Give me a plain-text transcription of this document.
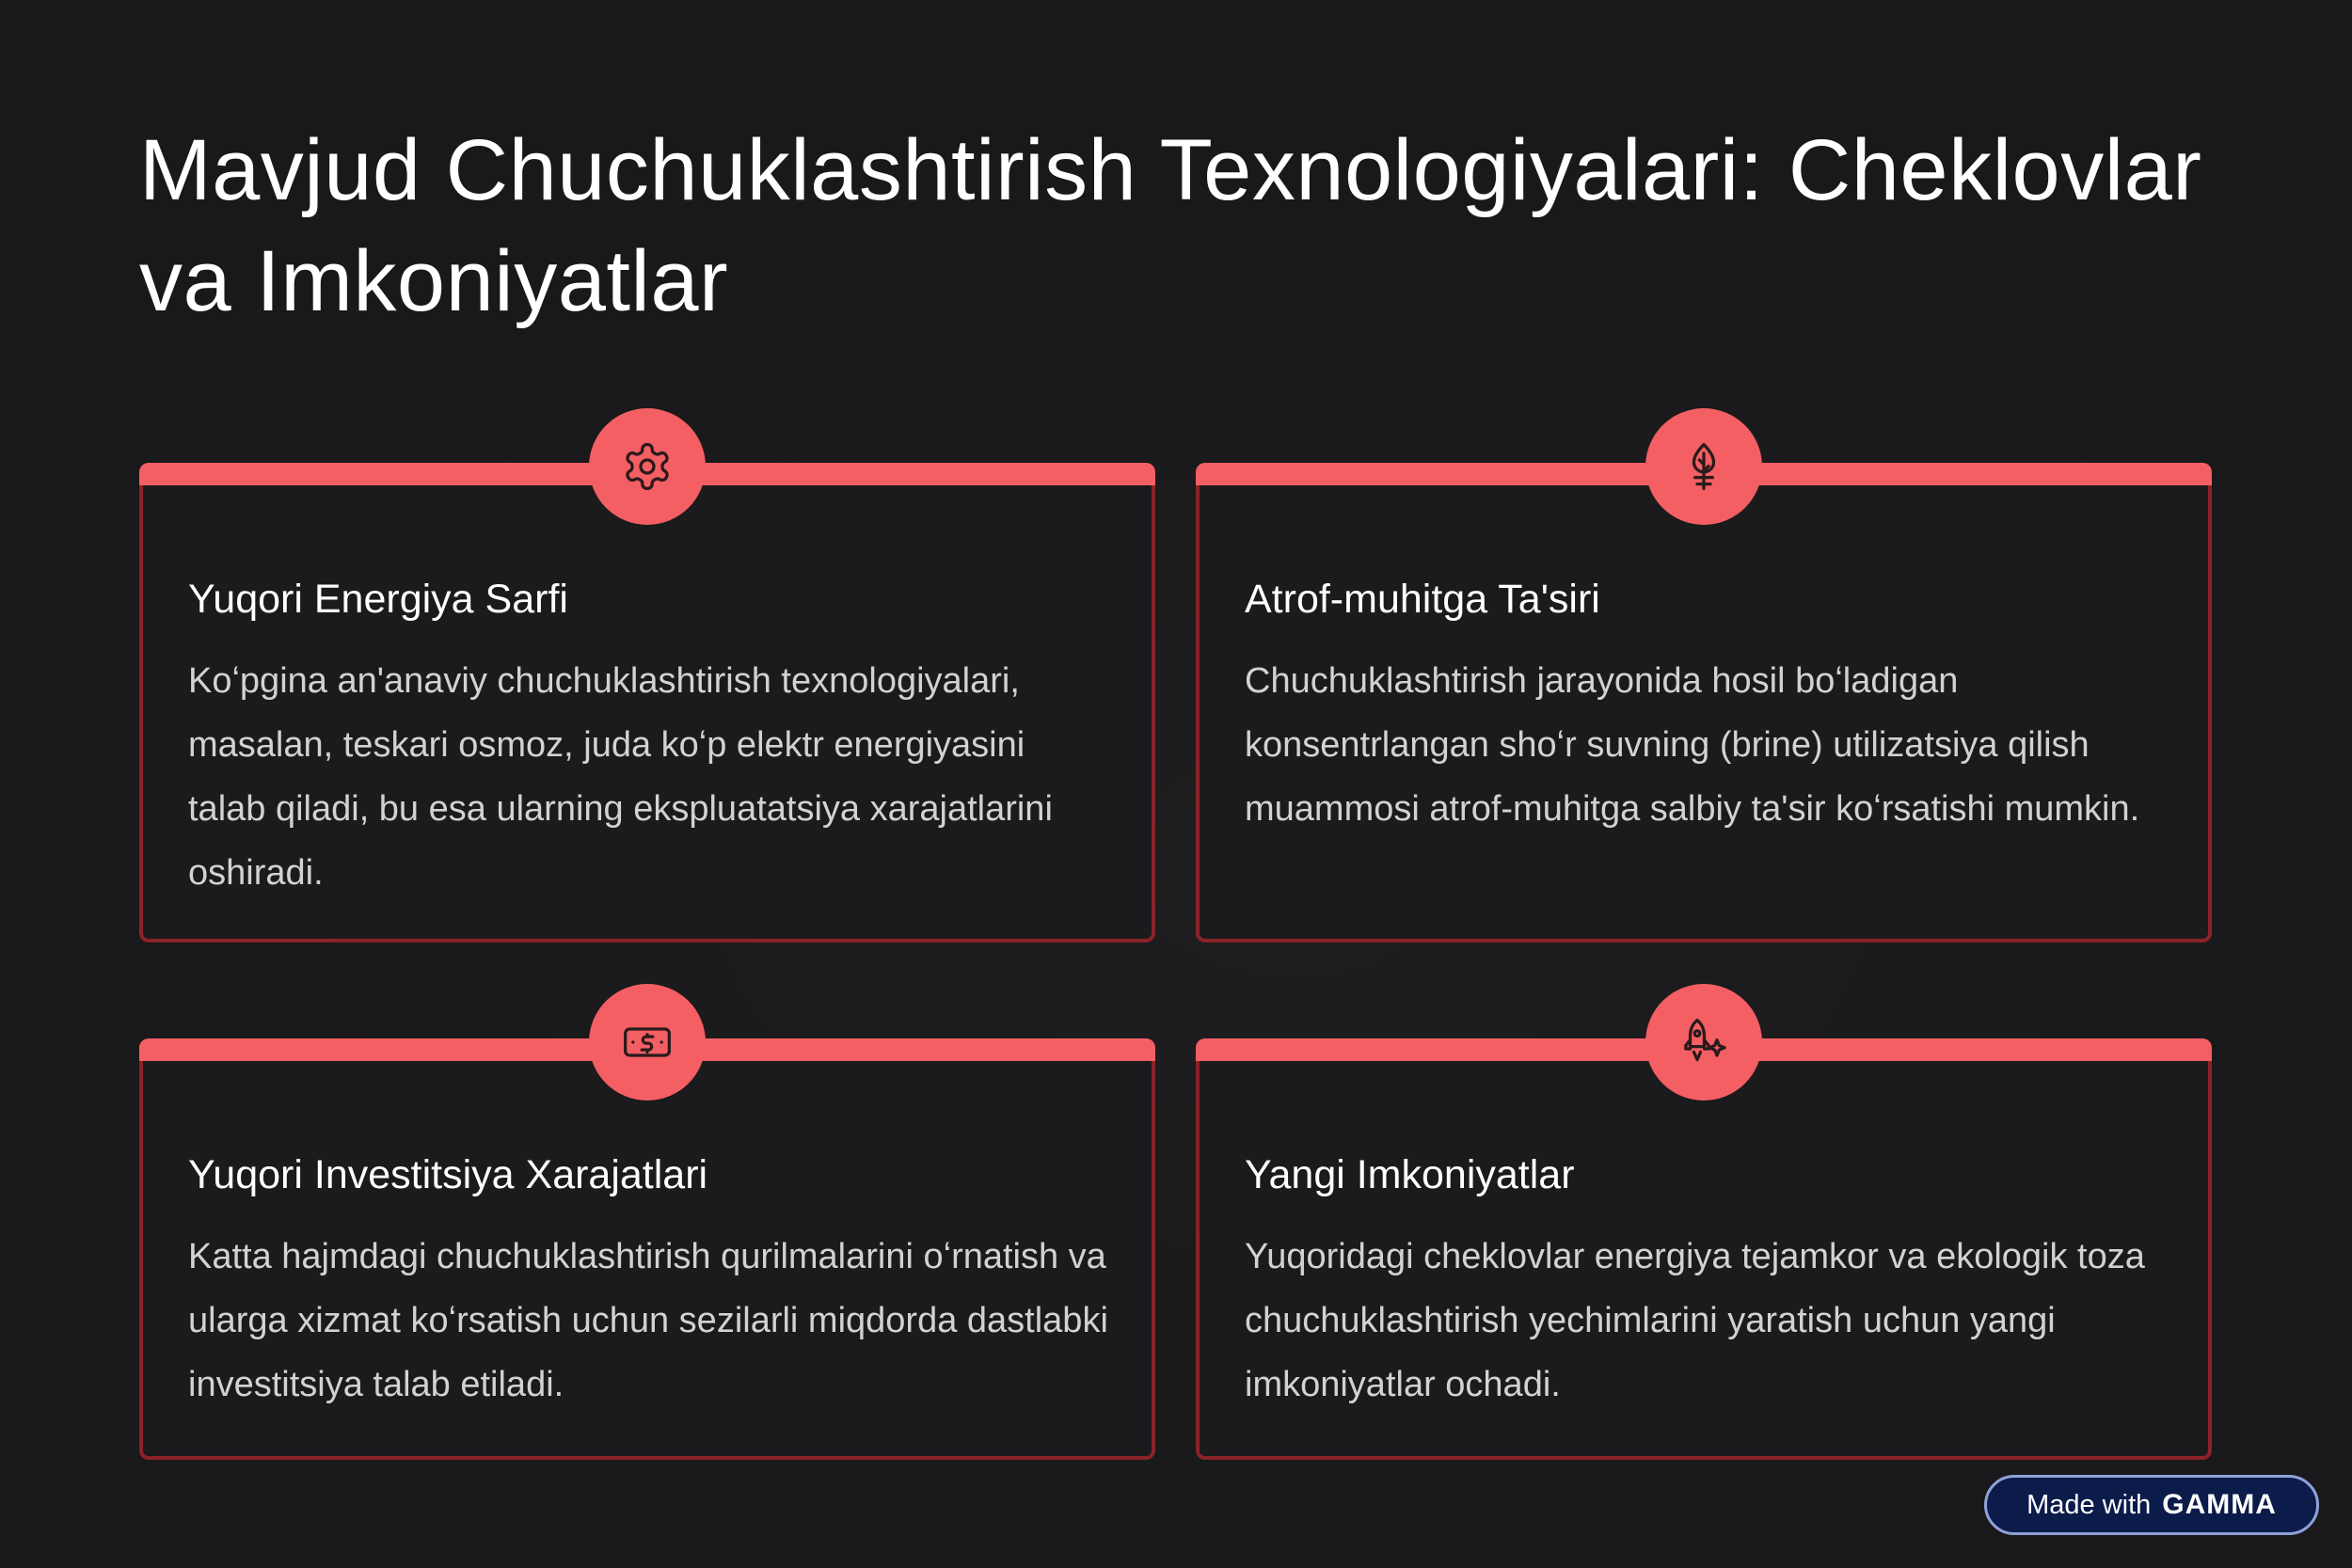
Mavjud Chuchuklashtirish Texnologiyalari: Cheklovlar va Imkoniyatlar
Yuqori Energiya Sarfi

Koʻpgina an'anaviy chuchuklashtirish texnologiyalari, masalan, teskari osmoz, juda koʻp elektr energiyasini talab qiladi, bu esa ularning ekspluatatsiya xarajatlarini oshiradi.

Atrof-muhitga Ta'siri

Chuchuklashtirish jarayonida hosil boʻladigan konsentrlangan shoʻr suvning (brine) utilizatsiya qilish muammosi atrof-muhitga salbiy ta'sir koʻrsatishi mumkin.

Yuqori Investitsiya Xarajatlari

Katta hajmdagi chuchuklashtirish qurilmalarini oʻrnatish va ularga xizmat koʻrsatish uchun sezilarli miqdorda dastlabki investitsiya talab etiladi.

Yangi Imkoniyatlar

Yuqoridagi cheklovlar energiya tejamkor va ekologik toza chuchuklashtirish yechimlarini yaratish uchun yangi imkoniyatlar ochadi.

Made with GAMMA
